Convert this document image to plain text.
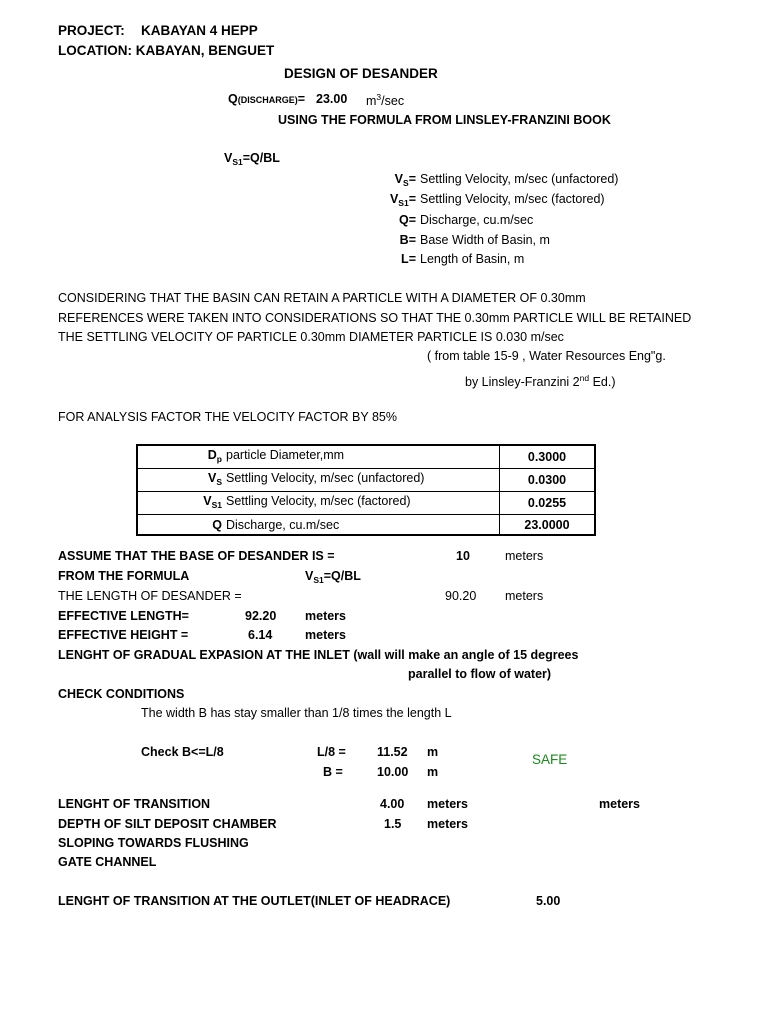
PROJECT: KABAYAN 4 HEPP
LOCATION: KABAYAN, BENGUET
DESIGN OF DESANDER
Q(DISCHARGE)= 23.00 $m^3/\sec$
USING THE FORMULA FROM LINSLEY-FRANZINI BOOK
$V_{S1}=Q/BL$
$V_S=$ Settling Velocity, m/sec (unfactored)
$V_{S1}=$ Settling Velocity, m/sec (factored)
Q= Discharge, cu.m/sec
B= Base Width of Basin, m
L= Length of Basin, m
CONSIDERING THAT THE BASIN CAN RETAIN A PARTICLE WITH A DIAMETER OF 0.30mm
REFERENCES WERE TAKEN INTO CONSIDERATIONS SO THAT THE 0.30mm PARTICLE WILL BE RETAINED
THE SETTLING VELOCITY OF PARTICLE 0.30mm DIAMETER PARTICLE IS 0.030 m/sec
( from table 15-9 , Water Resources Eng"g.
by Linsley-Franzini 2nd Ed.)
FOR ANALYSIS FACTOR THE VELOCITY FACTOR BY 85%
$D_p$ particle Diameter,mm	0.3000
$V_S$ Settling Velocity, m/sec (unfactored)	0.0300
$V_{S1}$ Settling Velocity, m/sec (factored)	0.0255
Q Discharge, cu.m/sec	23.0000
ASSUME THAT THE BASE OF DESANDER IS =	10	meters
FROM THE FORMULA	$V_{S1}=Q/BL$
THE LENGTH OF DESANDER =	90.20 meters
EFFECTIVE LENGTH=	92.20 meters
EFFECTIVE HEIGHT =	6.14	meters
LENGHT OF GRADUAL EXPASION AT THE INLET (wall will make an angle of 15 degrees
parallel to flow of water)
CHECK CONDITIONS
The width B has stay smaller than 1/8 times the length L
Check B<=L/8	L/8 = 11.52 m
B =	10.00 m
SAFE
LENGHT OF TRANSITION	4.00 meters	meters
DEPTH OF SILT DEPOSIT CHAMBER	1.5 meters
SLOPING TOWARDS FLUSHING
GATE CHANNEL
LENGHT OF TRANSITION AT THE OUTLET(INLET OF HEADRACE)	5.00
